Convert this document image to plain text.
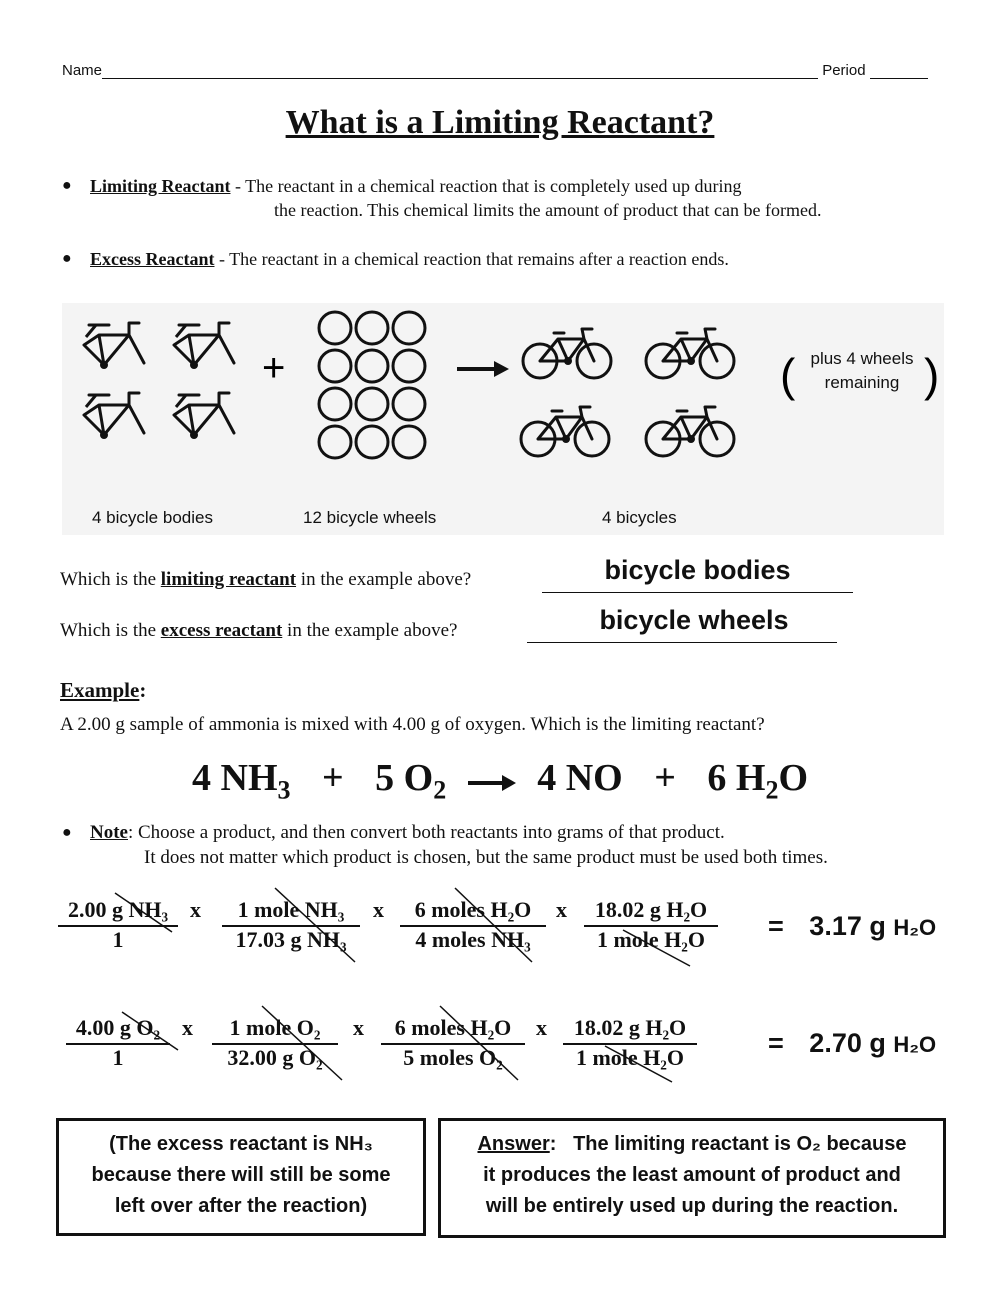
Name	Period
What is a Limiting Reactant?
● Limiting Reactant - The reactant in a chemical reaction that is completely used up during
the reaction. This chemical limits the amount of product that can be formed.
● Excess Reactant - The reactant in a chemical reaction that remains after a reaction ends.
+	(	)
plus 4 wheels
remaining
4 bicycle bodies	12 bicycle wheels	4 bicycles
Which is the limiting reactant in the example above?	bicycle bodies
Which is the excess reactant in the example above?	bicycle wheels
Example:
A 2.00 g sample of ammonia is mixed with 4.00 g of oxygen. Which is the limiting reactant?
4 $NH_3 + 5$ $O_2 \to 4$ NO + 6 $H_2O$
● Note: Choose a product, and then convert both reactants into grams of that product.
It does not matter which product is chosen, but the same product must be used both times.
$\frac{\text{2.00 g NH₃}}{1}$ x	1 mole NH₃
17.03 g NH₃
x	6 moles H₂O
4 moles NH₃
x	18.02 g H₂O
1 mole H₂O	= 3.17 g H₂O
$\frac{\text{4.00 g O₂}}{1}$ x	1 mole O₂
32.00 g O₂
x	6 moles H₂O
5 moles O₂
x	18.02 g H₂O
1 mole H₂O	= 2.70 g H₂O
(The excess reactant is NH₃
because there will still be some
left over after the reaction)
Answer: The limiting reactant is O₂ because
it produces the least amount of product and
will be entirely used up during the reaction.
